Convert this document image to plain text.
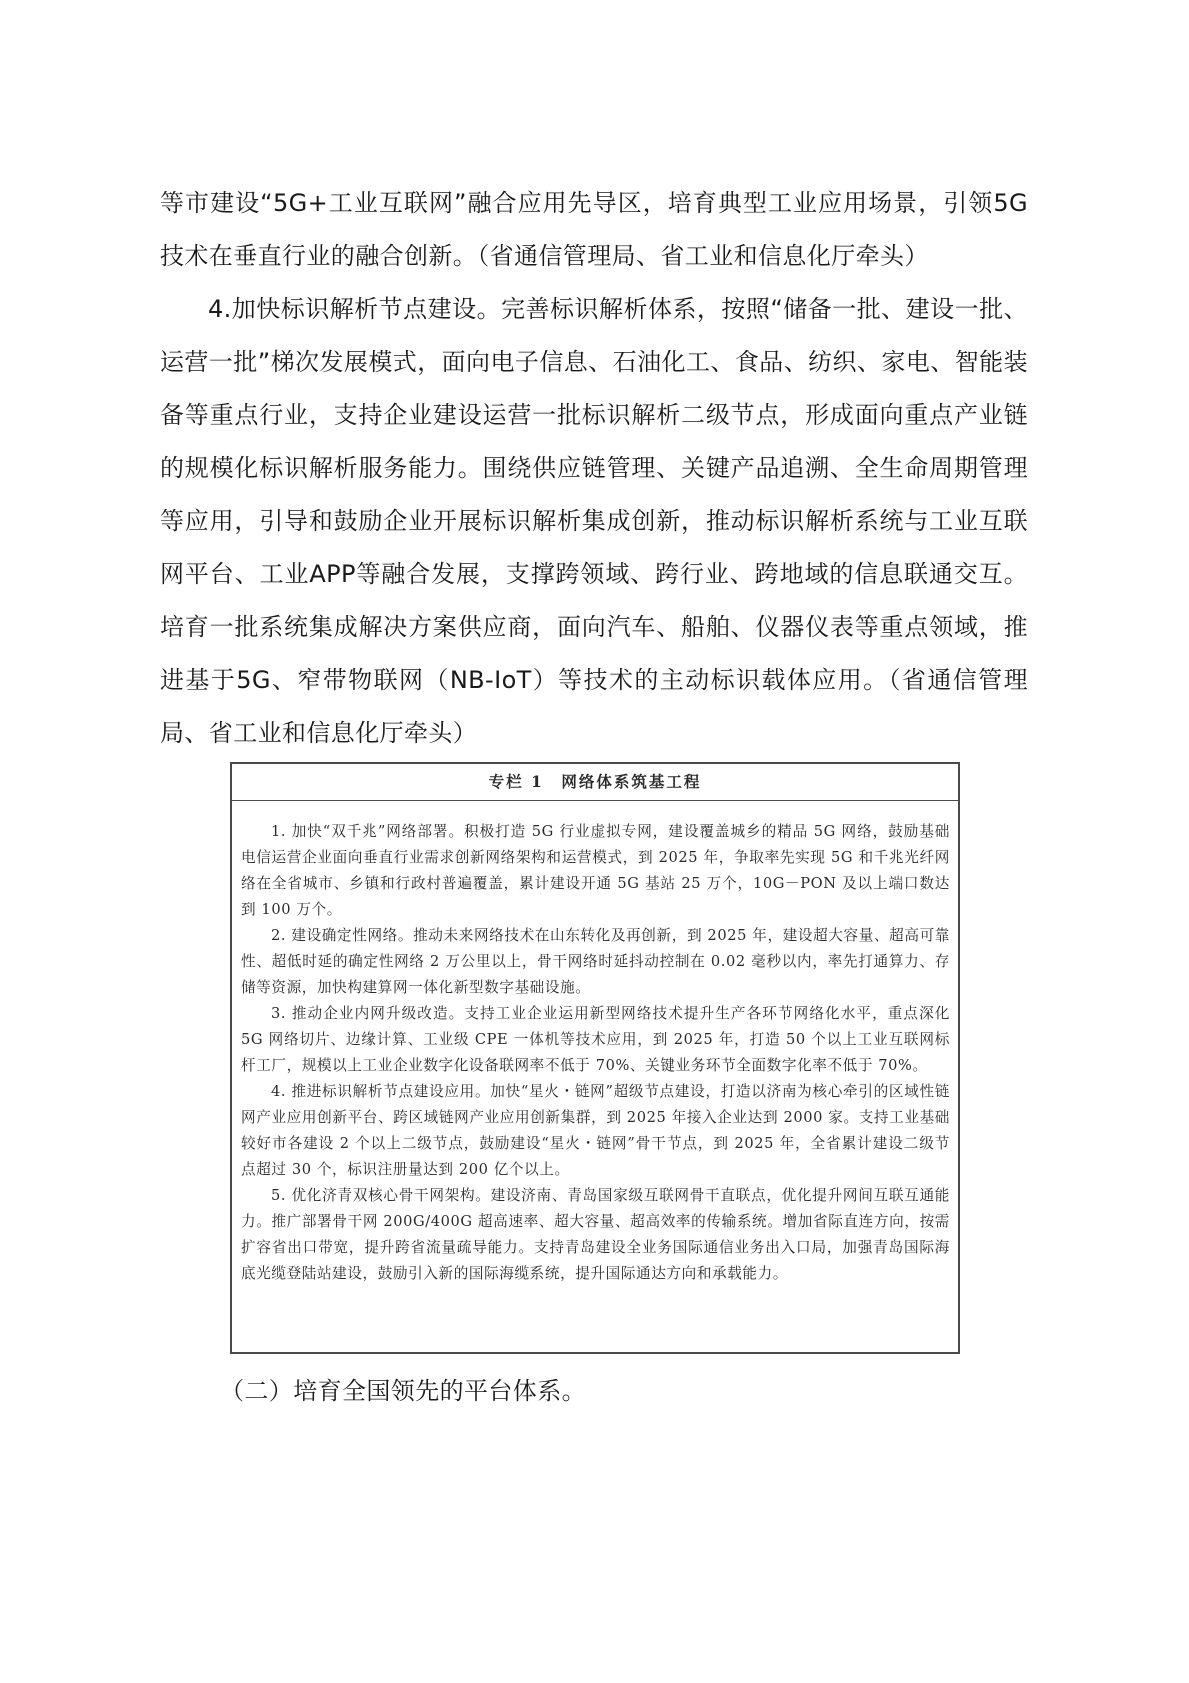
等市建设“5G+工业互联网”融合应用先导区，培育典型工业应用场景，引领5G技术在垂直行业的融合创新。（省通信管理局、省工业和信息化厅牵头）

4.加快标识解析节点建设。完善标识解析体系，按照“储备一批、建设一批、运营一批”梯次发展模式，面向电子信息、石油化工、食品、纺织、家电、智能装备等重点行业，支持企业建设运营一批标识解析二级节点，形成面向重点产业链的规模化标识解析服务能力。围绕供应链管理、关键产品追溯、全生命周期管理等应用，引导和鼓励企业开展标识解析集成创新，推动标识解析系统与工业互联网平台、工业APP等融合发展，支撑跨领域、跨行业、跨地域的信息联通交互。培育一批系统集成解决方案供应商，面向汽车、船舶、仪器仪表等重点领域，推进基于5G、窄带物联网（NB-IoT）等技术的主动标识载体应用。（省通信管理局、省工业和信息化厅牵头）

专栏 1　网络体系筑基工程

1. 加快“双千兆”网络部署。积极打造 5G 行业虚拟专网，建设覆盖城乡的精品 5G 网络，鼓励基础电信运营企业面向垂直行业需求创新网络架构和运营模式，到 2025 年，争取率先实现 5G 和千兆光纤网络在全省城市、乡镇和行政村普遍覆盖，累计建设开通 5G 基站 25 万个，10G－PON 及以上端口数达到 100 万个。

2. 建设确定性网络。推动未来网络技术在山东转化及再创新，到 2025 年，建设超大容量、超高可靠性、超低时延的确定性网络 2 万公里以上，骨干网络时延抖动控制在 0.02 毫秒以内，率先打通算力、存储等资源，加快构建算网一体化新型数字基础设施。

3. 推动企业内网升级改造。支持工业企业运用新型网络技术提升生产各环节网络化水平，重点深化 5G 网络切片、边缘计算、工业级 CPE 一体机等技术应用，到 2025 年，打造 50 个以上工业互联网标杆工厂，规模以上工业企业数字化设备联网率不低于 70%、关键业务环节全面数字化率不低于 70%。

4. 推进标识解析节点建设应用。加快“星火・链网”超级节点建设，打造以济南为核心牵引的区域性链网产业应用创新平台、跨区域链网产业应用创新集群，到 2025 年接入企业达到 2000 家。支持工业基础较好市各建设 2 个以上二级节点，鼓励建设“星火・链网”骨干节点，到 2025 年，全省累计建设二级节点超过 30 个，标识注册量达到 200 亿个以上。

5. 优化济青双核心骨干网架构。建设济南、青岛国家级互联网骨干直联点，优化提升网间互联互通能力。推广部署骨干网 200G/400G 超高速率、超大容量、超高效率的传输系统。增加省际直连方向，按需扩容省出口带宽，提升跨省流量疏导能力。支持青岛建设全业务国际通信业务出入口局，加强青岛国际海底光缆登陆站建设，鼓励引入新的国际海缆系统，提升国际通达方向和承载能力。

（二）培育全国领先的平台体系。
